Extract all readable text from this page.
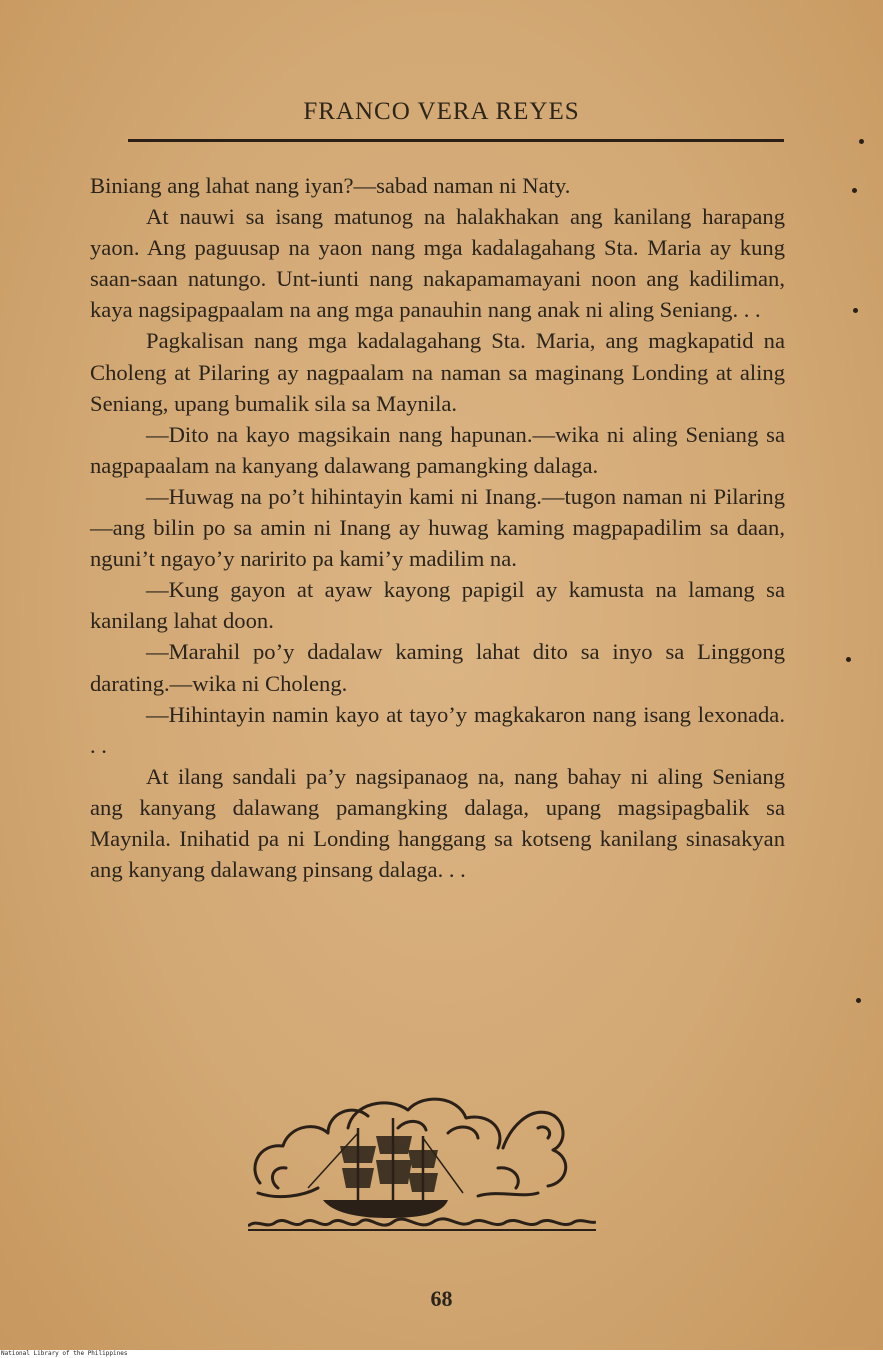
FRANCO VERA REYES

Biniang ang lahat nang iyan?—sabad naman ni Naty.

At nauwi sa isang matunog na halakhakan ang kanilang harapang yaon. Ang paguusap na yaon nang mga kadalagahang Sta. Maria ay kung saan-saan natungo. Unt-iunti nang nakapamamayani noon ang kadiliman, kaya nagsipagpaalam na ang mga panauhin nang anak ni aling Seniang. . .

Pagkalisan nang mga kadalagahang Sta. Maria, ang magkapatid na Choleng at Pilaring ay nagpaalam na naman sa maginang Londing at aling Seniang, upang bumalik sila sa Maynila.

—Dito na kayo magsikain nang hapunan.—wika ni aling Seniang sa nagpapaalam na kanyang dalawang pamangking dalaga.

—Huwag na po’t hihintayin kami ni Inang.—tugon naman ni Pilaring—ang bilin po sa amin ni Inang ay huwag kaming magpapadilim sa daan, nguni’t ngayo’y naririto pa kami’y madilim na.

—Kung gayon at ayaw kayong papigil ay kamusta na lamang sa kanilang lahat doon.

—Marahil po’y dadalaw kaming lahat dito sa inyo sa Linggong darating.—wika ni Choleng.

—Hihintayin namin kayo at tayo’y magkakaron nang isang lexonada. . .

At ilang sandali pa’y nagsipanaog na, nang bahay ni aling Seniang ang kanyang dalawang pamangking dalaga, upang magsipagbalik sa Maynila. Inihatid pa ni Londing hanggang sa kotseng kanilang sinasakyan ang kanyang dalawang pinsang dalaga. . .

68
National Library of the Philippines
